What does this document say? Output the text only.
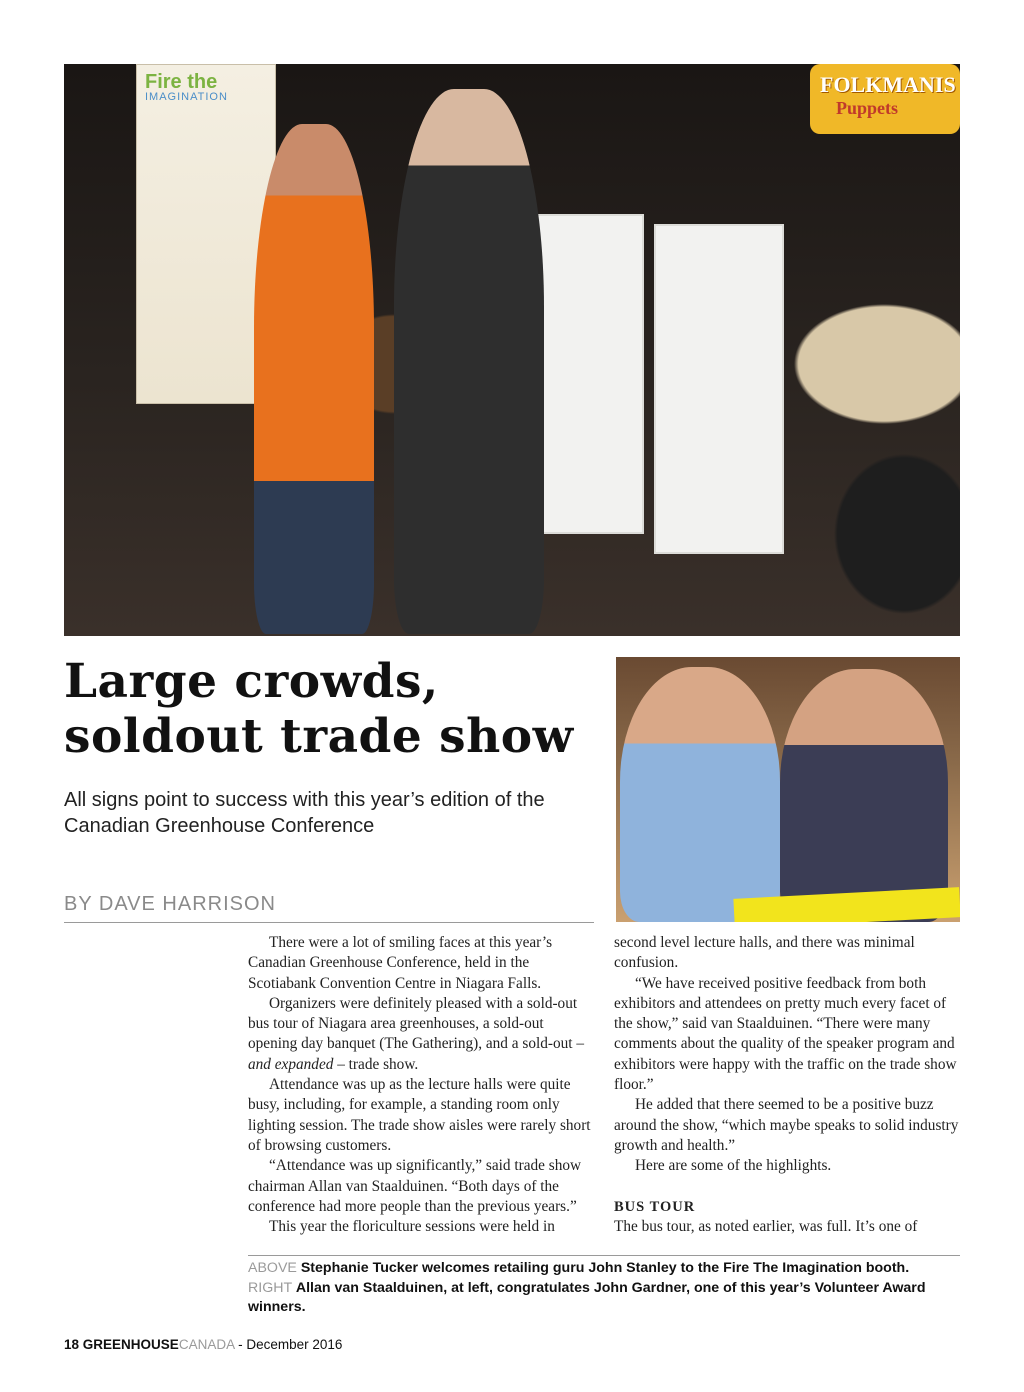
Fire the
IMAGINATION	FOLKMANIS
Puppets
Large crowds,
soldout trade show
All signs point to success with this year’s edition of the Canadian Greenhouse Conference
BY DAVE HARRISON

There were a lot of smiling faces at this year’s Canadian Greenhouse Conference, held in the Scotiabank Convention Centre in Niagara Falls.

Organizers were definitely pleased with a sold-out bus tour of Niagara area greenhouses, a sold-out opening day banquet (The Gathering), and a sold-out – and expanded – trade show.

Attendance was up as the lecture halls were quite busy, including, for example, a standing room only lighting session. The trade show aisles were rarely short of browsing customers.

“Attendance was up significantly,” said trade show chairman Allan van Staalduinen. “Both days of the conference had more people than the previous years.”

This year the floriculture sessions were held in

second level lecture halls, and there was minimal confusion.

“We have received positive feedback from both exhibitors and attendees on pretty much every facet of the show,” said van Staalduinen. “There were many comments about the quality of the speaker program and exhibitors were happy with the traffic on the trade show floor.”

He added that there seemed to be a positive buzz around the show, “which maybe speaks to solid industry growth and health.”

Here are some of the highlights.

BUS TOUR

The bus tour, as noted earlier, was full. It’s one of

ABOVE Stephanie Tucker welcomes retailing guru John Stanley to the Fire The Imagination booth.
RIGHT Allan van Staalduinen, at left, congratulates John Gardner, one of this year’s Volunteer Award winners.
18 GREENHOUSECANADA - December 2016
